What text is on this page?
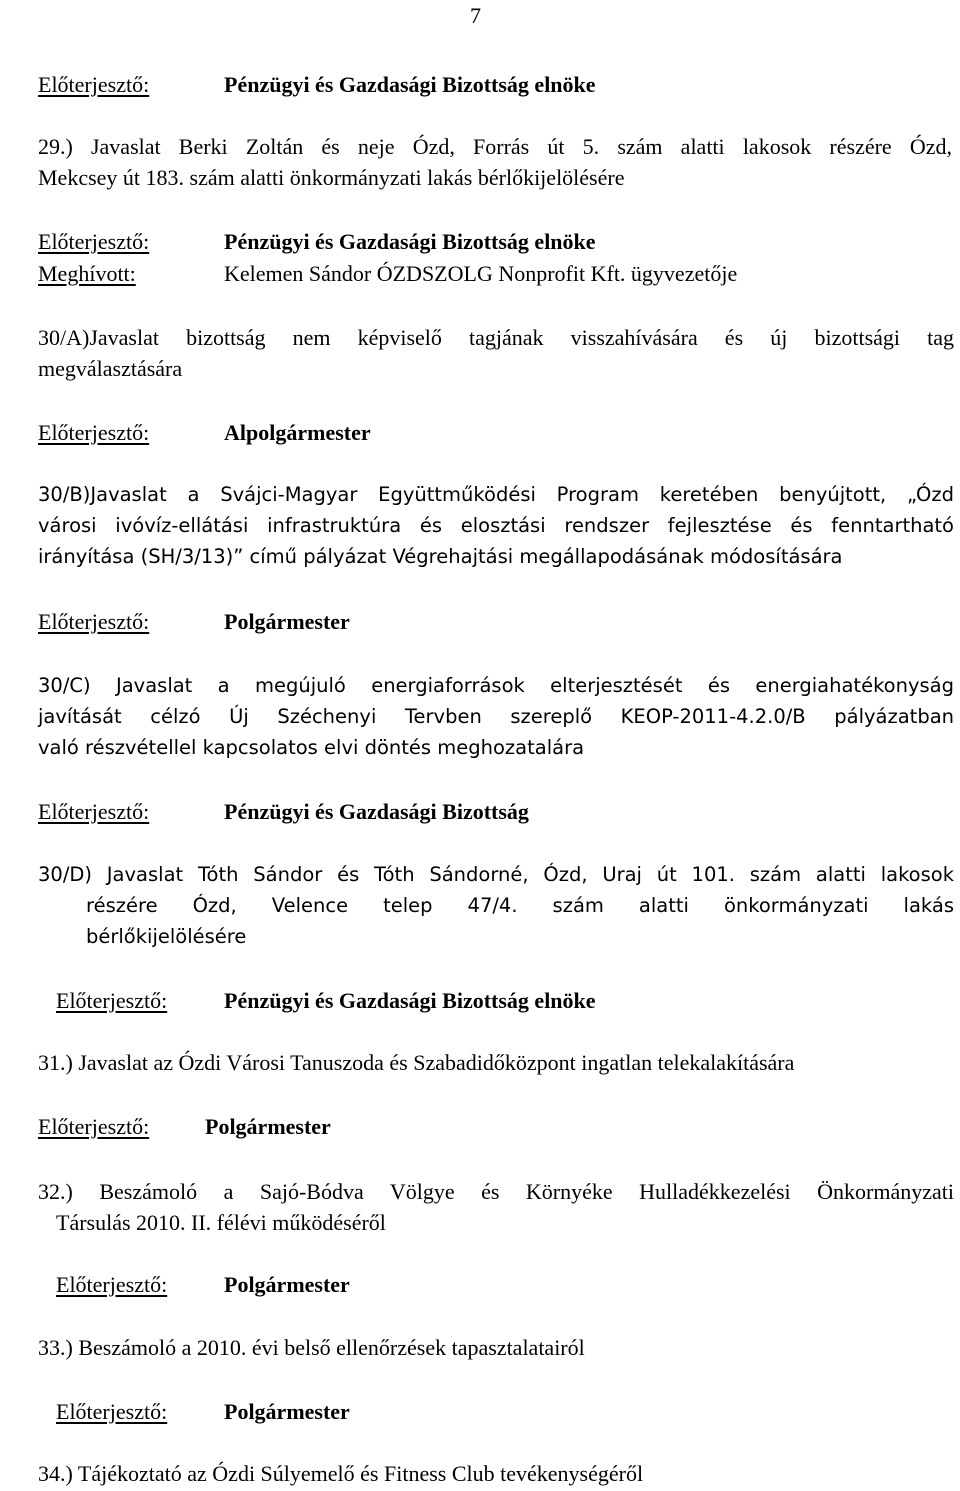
7
Előterjesztő:	Pénzügyi és Gazdasági Bizottság elnöke
29.) Javaslat Berki Zoltán és neje Ózd, Forrás út 5. szám alatti lakosok részére Ózd,
Mekcsey út 183. szám alatti önkormányzati lakás bérlőkijelölésére
Előterjesztő:	Pénzügyi és Gazdasági Bizottság elnöke
Meghívott:	Kelemen Sándor ÓZDSZOLG Nonprofit Kft. ügyvezetője
30/A)Javaslat bizottság nem képviselő tagjának visszahívására és új bizottsági tag
megválasztására
Előterjesztő:	Alpolgármester
30/B)Javaslat a Svájci-Magyar Együttműködési Program keretében benyújtott, „Ózd
városi ivóvíz-ellátási infrastruktúra és elosztási rendszer fejlesztése és fenntartható
irányítása (SH/3/13)” című pályázat Végrehajtási megállapodásának módosítására
Előterjesztő:	Polgármester
30/C) Javaslat a megújuló energiaforrások elterjesztését és energiahatékonyság
javítását célzó Új Széchenyi Tervben szereplő KEOP-2011-4.2.0/B pályázatban
való részvétellel kapcsolatos elvi döntés meghozatalára
Előterjesztő:	Pénzügyi és Gazdasági Bizottság
30/D) Javaslat Tóth Sándor és Tóth Sándorné, Ózd, Uraj út 101. szám alatti lakosok
részére Ózd, Velence telep 47/4. szám alatti önkormányzati lakás
bérlőkijelölésére
Előterjesztő:	Pénzügyi és Gazdasági Bizottság elnöke
31.) Javaslat az Ózdi Városi Tanuszoda és Szabadidőközpont ingatlan telekalakítására
Előterjesztő:	Polgármester
32.) Beszámoló a Sajó-Bódva Völgye és Környéke Hulladékkezelési Önkormányzati
Társulás 2010. II. félévi működéséről
Előterjesztő:	Polgármester
33.) Beszámoló a 2010. évi belső ellenőrzések tapasztalatairól
Előterjesztő:	Polgármester
34.) Tájékoztató az Ózdi Súlyemelő és Fitness Club tevékenységéről
